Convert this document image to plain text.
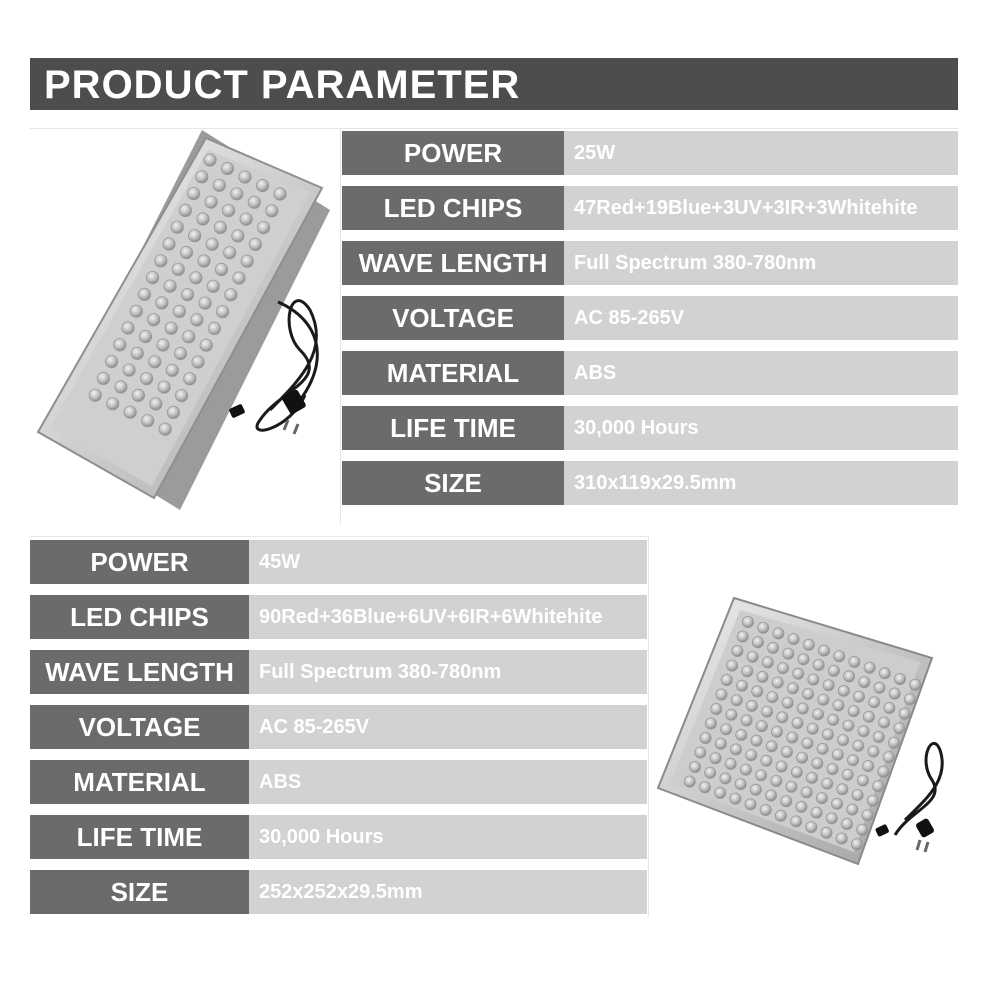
PRODUCT PARAMETER
POWER	25W
LED CHIPS	47Red+19Blue+3UV+3IR+3Whitehite
WAVE LENGTH	Full Spectrum 380-780nm
VOLTAGE	AC 85-265V
MATERIAL	ABS
LIFE TIME	30,000 Hours
SIZE	310x119x29.5mm
POWER	45W
LED CHIPS	90Red+36Blue+6UV+6IR+6Whitehite
WAVE LENGTH	Full Spectrum 380-780nm
VOLTAGE	AC 85-265V
MATERIAL	ABS
LIFE TIME	30,000 Hours
SIZE	252x252x29.5mm
